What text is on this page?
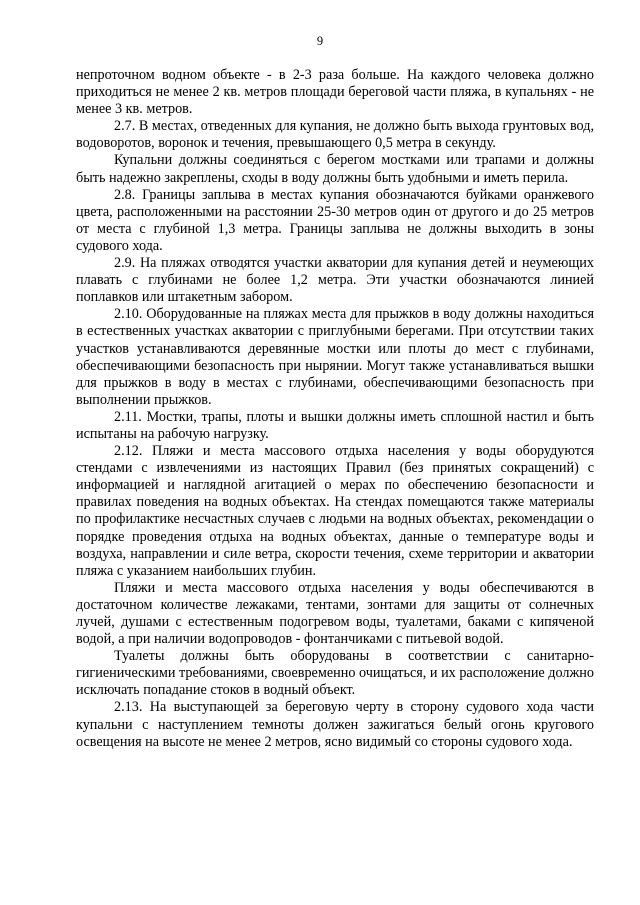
9

непроточном водном объекте - в 2-3 раза больше. На каждого человека должно приходиться не менее 2 кв. метров площади береговой части пляжа, в купальнях - не менее 3 кв. метров.

2.7. В местах, отведенных для купания, не должно быть выхода грунтовых вод, водоворотов, воронок и течения, превышающего 0,5 метра в секунду.

Купальни должны соединяться с берегом мостками или трапами и должны быть надежно закреплены, сходы в воду должны быть удобными и иметь перила.

2.8. Границы заплыва в местах купания обозначаются буйками оранжевого цвета, расположенными на расстоянии 25-30 метров один от другого и до 25 метров от места с глубиной 1,3 метра. Границы заплыва не должны выходить в зоны судового хода.

2.9. На пляжах отводятся участки акватории для купания детей и неумеющих плавать с глубинами не более 1,2 метра. Эти участки обозначаются линией поплавков или штакетным забором.

2.10. Оборудованные на пляжах места для прыжков в воду должны находиться в естественных участках акватории с приглубными берегами. При отсутствии таких участков устанавливаются деревянные мостки или плоты до мест с глубинами, обеспечивающими безопасность при нырянии. Могут также устанавливаться вышки для прыжков в воду в местах с глубинами, обеспечивающими безопасность при выполнении прыжков.

2.11. Мостки, трапы, плоты и вышки должны иметь сплошной настил и быть испытаны на рабочую нагрузку.

2.12. Пляжи и места массового отдыха населения у воды оборудуются стендами с извлечениями из настоящих Правил (без принятых сокращений) с информацией и наглядной агитацией о мерах по обеспечению безопасности и правилах поведения на водных объектах. На стендах помещаются также материалы по профилактике несчастных случаев с людьми на водных объектах, рекомендации о порядке проведения отдыха на водных объектах, данные о температуре воды и воздуха, направлении и силе ветра, скорости течения, схеме территории и акватории пляжа с указанием наибольших глубин.

Пляжи и места массового отдыха населения у воды обеспечиваются в достаточном количестве лежаками, тентами, зонтами для защиты от солнечных лучей, душами с естественным подогревом воды, туалетами, баками с кипяченой водой, а при наличии водопроводов - фонтанчиками с питьевой водой.

Туалеты должны быть оборудованы в соответствии с санитарно-гигиеническими требованиями, своевременно очищаться, и их расположение должно исключать попадание стоков в водный объект.

2.13. На выступающей за береговую черту в сторону судового хода части купальни с наступлением темноты должен зажигаться белый огонь кругового освещения на высоте не менее 2 метров, ясно видимый со стороны судового хода.
